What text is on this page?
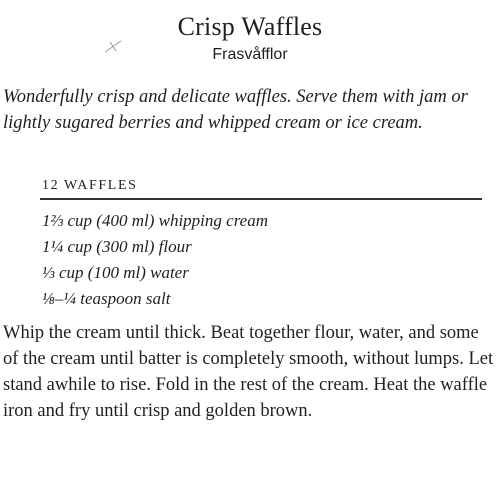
Crisp Waffles
Frasvåfflor

Wonderfully crisp and delicate waffles. Serve them with jam or lightly sugared berries and whipped cream or ice cream.

12 WAFFLES
1⅔ cup (400 ml) whipping cream
1¼ cup (300 ml) flour
⅓ cup (100 ml) water
⅛–¼ teaspoon salt

Whip the cream until thick. Beat together flour, water, and some of the cream until batter is completely smooth, without lumps. Let stand awhile to rise. Fold in the rest of the cream. Heat the waffle iron and fry until crisp and golden brown.
